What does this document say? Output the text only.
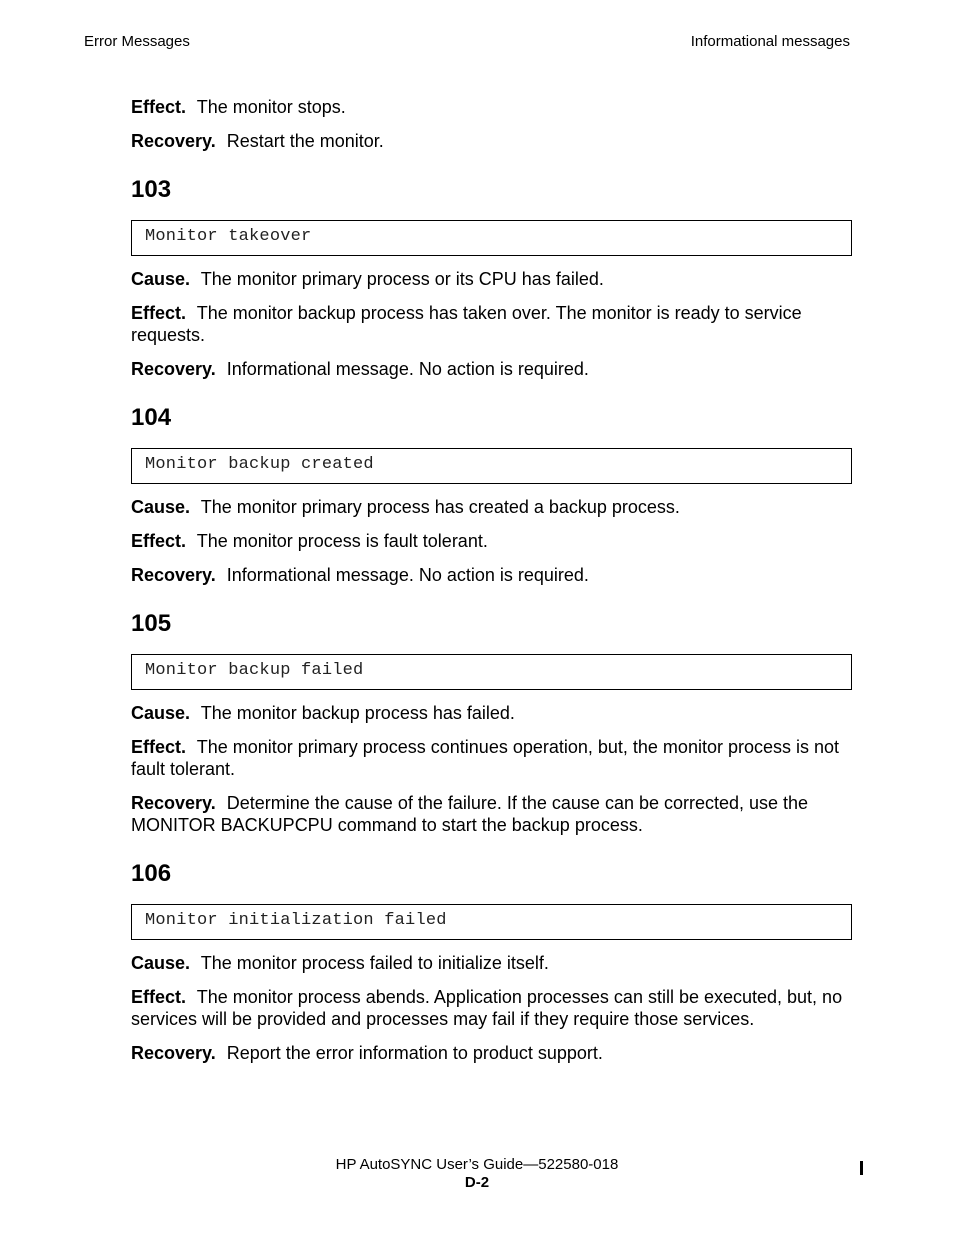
Error Messages	Informational messages

Effect. The monitor stops.

Recovery. Restart the monitor.

103
Monitor takeover

Cause. The monitor primary process or its CPU has failed.

Effect. The monitor backup process has taken over. The monitor is ready to service requests.

Recovery. Informational message. No action is required.

104
Monitor backup created

Cause. The monitor primary process has created a backup process.

Effect. The monitor process is fault tolerant.

Recovery. Informational message. No action is required.

105
Monitor backup failed

Cause. The monitor backup process has failed.

Effect. The monitor primary process continues operation, but, the monitor process is not fault tolerant.

Recovery. Determine the cause of the failure. If the cause can be corrected, use the MONITOR BACKUPCPU command to start the backup process.

106
Monitor initialization failed

Cause. The monitor process failed to initialize itself.

Effect. The monitor process abends. Application processes can still be executed, but, no services will be provided and processes may fail if they require those services.

Recovery. Report the error information to product support.

HP AutoSYNC User’s Guide—522580-018
D-2
